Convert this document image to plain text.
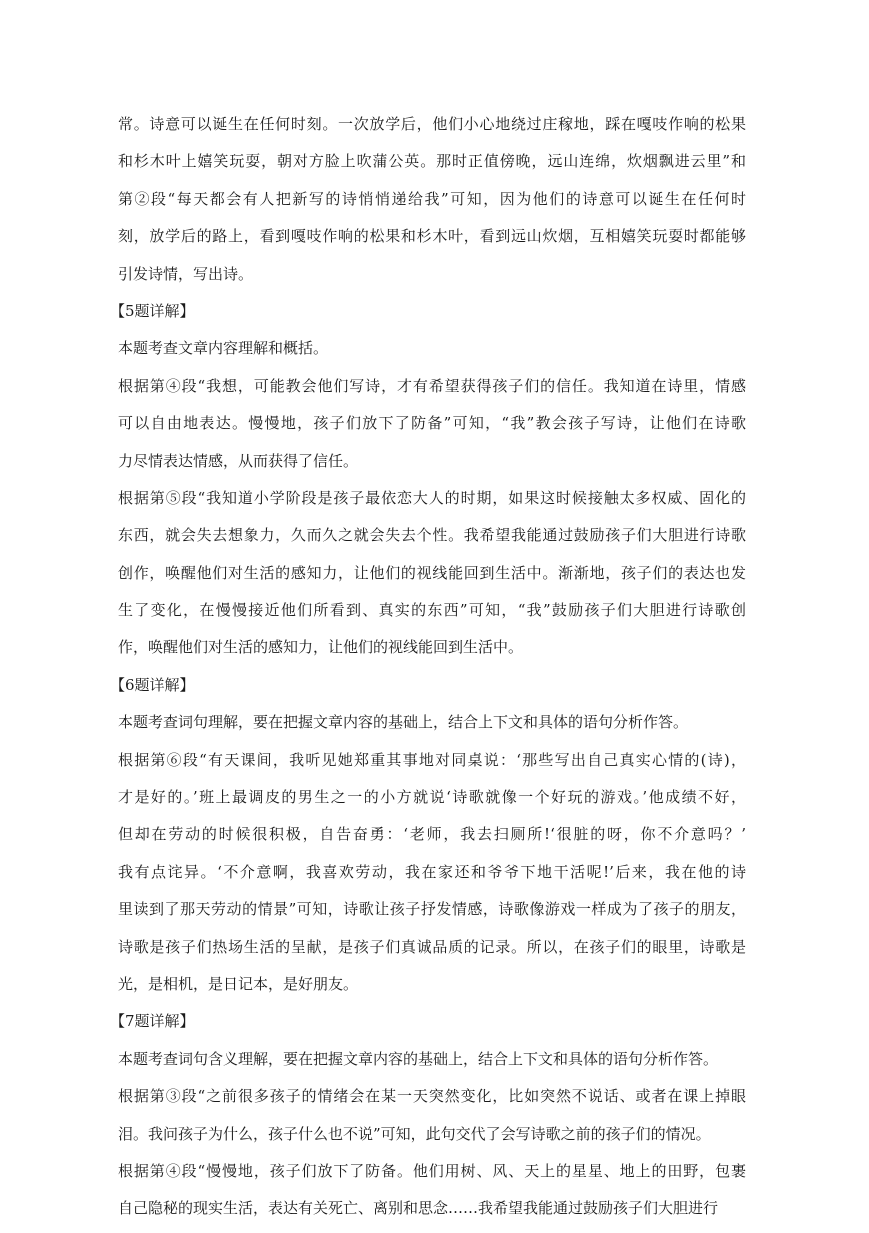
常。诗意可以诞生在任何时刻。一次放学后，他们小心地绕过庄稼地，踩在嘎吱作响的松果
和杉木叶上嬉笑玩耍，朝对方脸上吹蒲公英。那时正值傍晚，远山连绵，炊烟飘进云里”和
第②段“每天都会有人把新写的诗悄悄递给我”可知，因为他们的诗意可以诞生在任何时
刻，放学后的路上，看到嘎吱作响的松果和杉木叶，看到远山炊烟，互相嬉笑玩耍时都能够
引发诗情，写出诗。
【5题详解】
本题考查文章内容理解和概括。
根据第④段“我想，可能教会他们写诗，才有希望获得孩子们的信任。我知道在诗里，情感
可以自由地表达。慢慢地，孩子们放下了防备”可知，“我”教会孩子写诗，让他们在诗歌
力尽情表达情感，从而获得了信任。
根据第⑤段“我知道小学阶段是孩子最依恋大人的时期，如果这时候接触太多权威、固化的
东西，就会失去想象力，久而久之就会失去个性。我希望我能通过鼓励孩子们大胆进行诗歌
创作，唤醒他们对生活的感知力，让他们的视线能回到生活中。渐渐地，孩子们的表达也发
生了变化，在慢慢接近他们所看到、真实的东西”可知，“我”鼓励孩子们大胆进行诗歌创
作，唤醒他们对生活的感知力，让他们的视线能回到生活中。
【6题详解】
本题考查词句理解，要在把握文章内容的基础上，结合上下文和具体的语句分析作答。
根据第⑥段“有天课间，我听见她郑重其事地对同桌说：‘那些写出自己真实心情的(诗)，
才是好的。’班上最调皮的男生之一的小方就说‘诗歌就像一个好玩的游戏。’他成绩不好，
但却在劳动的时候很积极，自告奋勇：‘老师，我去扫厕所!‘很脏的呀，你不介意吗？’
我有点诧异。‘不介意啊，我喜欢劳动，我在家还和爷爷下地干活呢!’后来，我在他的诗
里读到了那天劳动的情景”可知，诗歌让孩子抒发情感，诗歌像游戏一样成为了孩子的朋友，
诗歌是孩子们热场生活的呈献，是孩子们真诚品质的记录。所以，在孩子们的眼里，诗歌是
光，是相机，是日记本，是好朋友。
【7题详解】
本题考查词句含义理解，要在把握文章内容的基础上，结合上下文和具体的语句分析作答。
根据第③段“之前很多孩子的情绪会在某一天突然变化，比如突然不说话、或者在课上掉眼
泪。我问孩子为什么，孩子什么也不说”可知，此句交代了会写诗歌之前的孩子们的情况。
根据第④段“慢慢地，孩子们放下了防备。他们用树、风、天上的星星、地上的田野，包裹
自己隐秘的现实生活，表达有关死亡、离别和思念……我希望我能通过鼓励孩子们大胆进行
